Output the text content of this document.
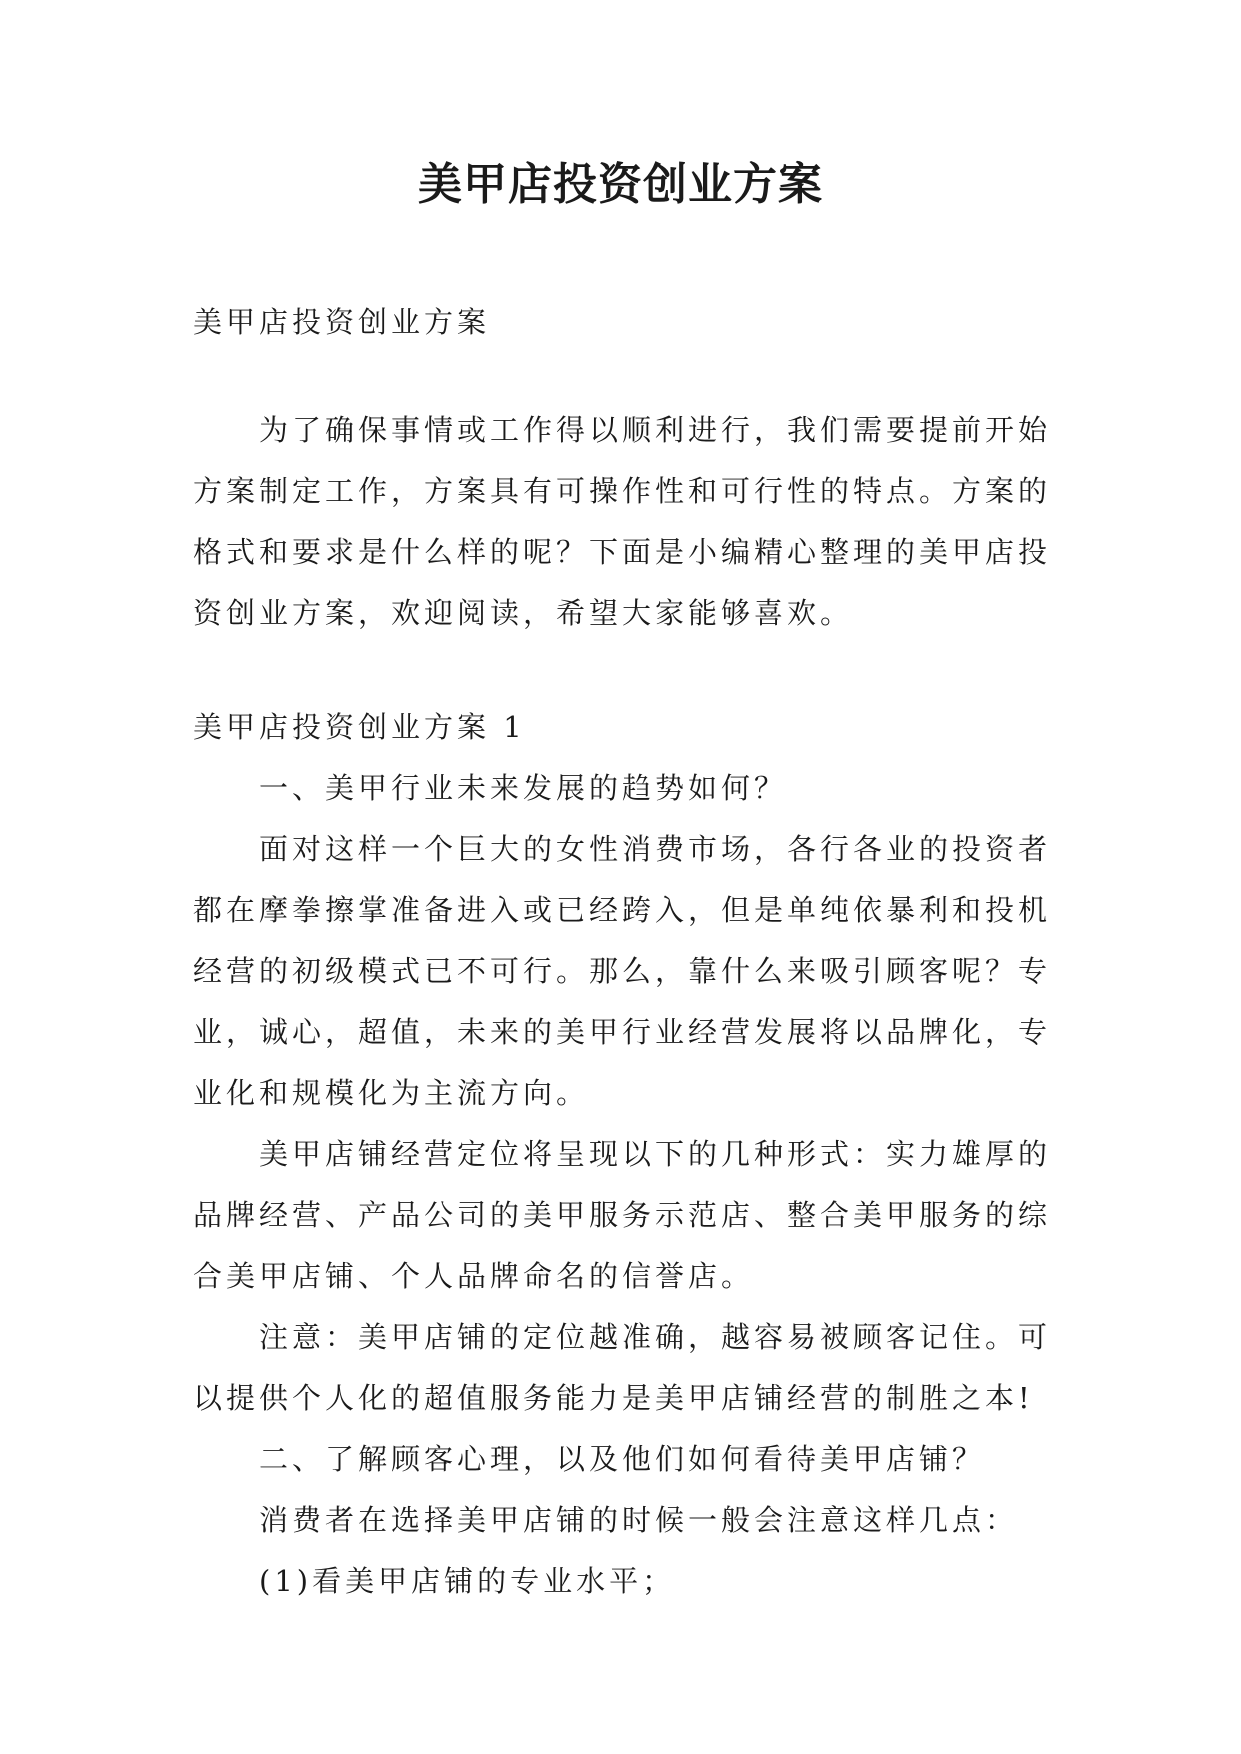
美甲店投资创业方案

美甲店投资创业方案

为了确保事情或工作得以顺利进行，我们需要提前开始方案制定工作，方案具有可操作性和可行性的特点。方案的格式和要求是什么样的呢？下面是小编精心整理的美甲店投资创业方案，欢迎阅读，希望大家能够喜欢。

美甲店投资创业方案 1

一、美甲行业未来发展的趋势如何？

面对这样一个巨大的女性消费市场，各行各业的投资者都在摩拳擦掌准备进入或已经跨入，但是单纯依暴利和投机经营的初级模式已不可行。那么，靠什么来吸引顾客呢？专业，诚心，超值，未来的美甲行业经营发展将以品牌化，专业化和规模化为主流方向。

美甲店铺经营定位将呈现以下的几种形式：实力雄厚的品牌经营、产品公司的美甲服务示范店、整合美甲服务的综合美甲店铺、个人品牌命名的信誉店。

注意：美甲店铺的定位越准确，越容易被顾客记住。可以提供个人化的超值服务能力是美甲店铺经营的制胜之本!

二、了解顾客心理，以及他们如何看待美甲店铺？

消费者在选择美甲店铺的时候一般会注意这样几点：

(1)看美甲店铺的专业水平；
